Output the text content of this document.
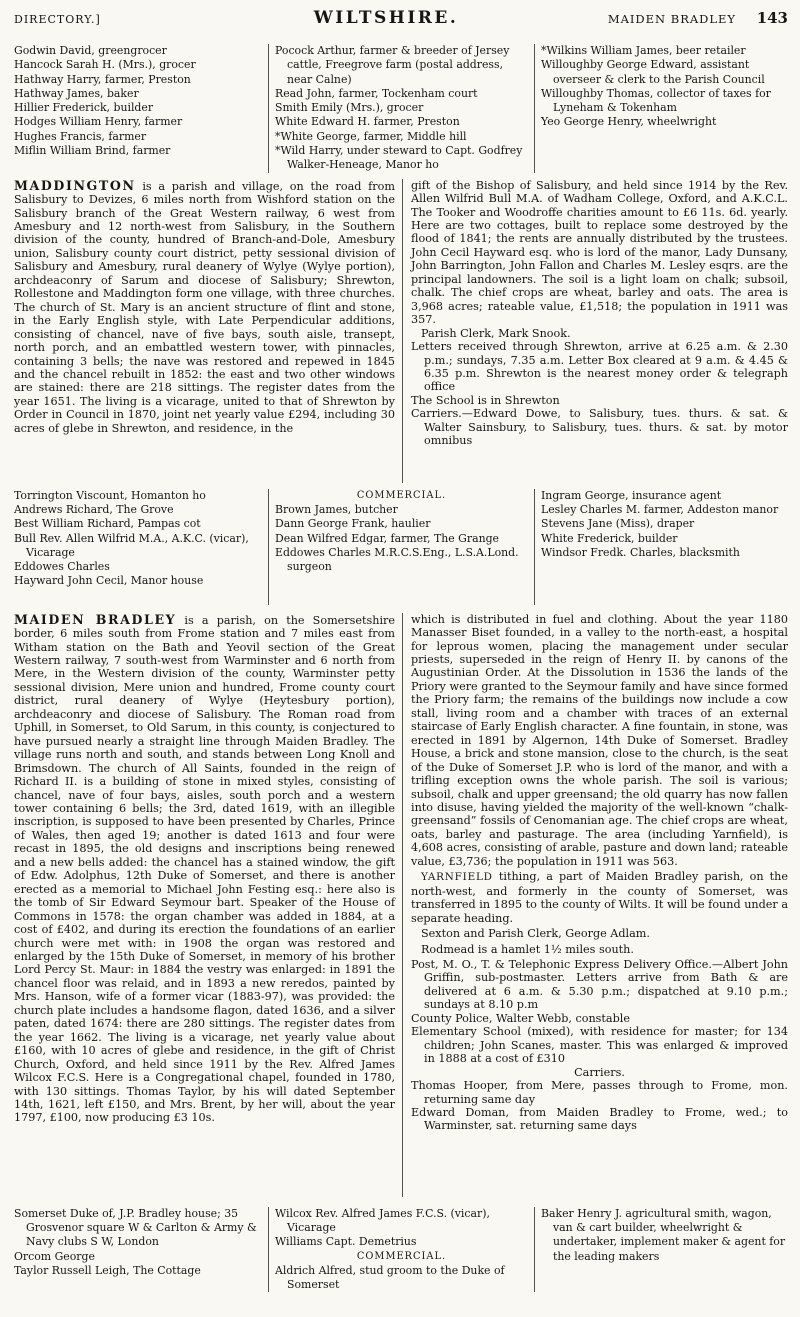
DIRECTORY.]	WILTSHIRE.	MAIDEN BRADLEY 143
Godwin David, greengrocer
Hancock Sarah H. (Mrs.), grocer
Hathway Harry, farmer, Preston
Hathway James, baker
Hillier Frederick, builder
Hodges William Henry, farmer
Hughes Francis, farmer
Miflin William Brind, farmer
Pocock Arthur, farmer & breeder of Jersey cattle, Freegrove farm (postal address, near Calne)
Read John, farmer, Tockenham court
Smith Emily (Mrs.), grocer
White Edward H. farmer, Preston
*White George, farmer, Middle hill
*Wild Harry, under steward to Capt. Godfrey Walker-Heneage, Manor ho
*Wilkins William James, beer retailer
Willoughby George Edward, assistant overseer & clerk to the Parish Council
Willoughby Thomas, collector of taxes for Lyneham & Tokenham
Yeo George Henry, wheelwright

MADDINGTON is a parish and village, on the road from Salisbury to Devizes, 6 miles north from Wishford station on the Salisbury branch of the Great Western railway, 6 west from Amesbury and 12 north-west from Salisbury, in the Southern division of the county, hundred of Branch-and-Dole, Amesbury union, Salisbury county court district, petty sessional division of Salisbury and Amesbury, rural deanery of Wylye (Wylye portion), archdeaconry of Sarum and diocese of Salisbury; Shrewton, Rollestone and Maddington form one village, with three churches. The church of St. Mary is an ancient structure of flint and stone, in the Early English style, with Late Perpendicular additions, consisting of chancel, nave of five bays, south aisle, transept, north porch, and an embattled western tower, with pinnacles, containing 3 bells; the nave was restored and repewed in 1845 and the chancel rebuilt in 1852: the east and two other windows are stained: there are 218 sittings. The register dates from the year 1651. The living is a vicarage, united to that of Shrewton by Order in Council in 1870, joint net yearly value £294, including 30 acres of glebe in Shrewton, and residence, in the

gift of the Bishop of Salisbury, and held since 1914 by the Rev. Allen Wilfrid Bull M.A. of Wadham College, Oxford, and A.K.C.L. The Tooker and Woodroffe charities amount to £6 11s. 6d. yearly. Here are two cottages, built to replace some destroyed by the flood of 1841; the rents are annually distributed by the trustees. John Cecil Hayward esq. who is lord of the manor, Lady Dunsany, John Barrington, John Fallon and Charles M. Lesley esqrs. are the principal landowners. The soil is a light loam on chalk; subsoil, chalk. The chief crops are wheat, barley and oats. The area is 3,968 acres; rateable value, £1,518; the population in 1911 was 357.

Parish Clerk, Mark Snook.
Letters received through Shrewton, arrive at 6.25 a.m. & 2.30 p.m.; sundays, 7.35 a.m. Letter Box cleared at 9 a.m. & 4.45 & 6.35 p.m. Shrewton is the nearest money order & telegraph office
The School is in Shrewton
Carriers.—Edward Dowe, to Salisbury, tues. thurs. & sat. & Walter Sainsbury, to Salisbury, tues. thurs. & sat. by motor omnibus
Torrington Viscount, Homanton ho
Andrews Richard, The Grove
Best William Richard, Pampas cot
Bull Rev. Allen Wilfrid M.A., A.K.C. (vicar), Vicarage
Eddowes Charles
Hayward John Cecil, Manor house
COMMERCIAL.
Brown James, butcher
Dann George Frank, haulier
Dean Wilfred Edgar, farmer, The Grange
Eddowes Charles M.R.C.S.Eng., L.S.A.Lond. surgeon
Ingram George, insurance agent
Lesley Charles M. farmer, Addeston manor
Stevens Jane (Miss), draper
White Frederick, builder
Windsor Fredk. Charles, blacksmith

MAIDEN BRADLEY is a parish, on the Somersetshire border, 6 miles south from Frome station and 7 miles east from Witham station on the Bath and Yeovil section of the Great Western railway, 7 south-west from Warminster and 6 north from Mere, in the Western division of the county, Warminster petty sessional division, Mere union and hundred, Frome county court district, rural deanery of Wylye (Heytesbury portion), archdeaconry and diocese of Salisbury. The Roman road from Uphill, in Somerset, to Old Sarum, in this county, is conjectured to have pursued nearly a straight line through Maiden Bradley. The village runs north and south, and stands between Long Knoll and Brimsdown. The church of All Saints, founded in the reign of Richard II. is a building of stone in mixed styles, consisting of chancel, nave of four bays, aisles, south porch and a western tower containing 6 bells; the 3rd, dated 1619, with an illegible inscription, is supposed to have been presented by Charles, Prince of Wales, then aged 19; another is dated 1613 and four were recast in 1895, the old designs and inscriptions being renewed and a new bells added: the chancel has a stained window, the gift of Edw. Adolphus, 12th Duke of Somerset, and there is another erected as a memorial to Michael John Festing esq.: here also is the tomb of Sir Edward Seymour bart. Speaker of the House of Commons in 1578: the organ chamber was added in 1884, at a cost of £402, and during its erection the foundations of an earlier church were met with: in 1908 the organ was restored and enlarged by the 15th Duke of Somerset, in memory of his brother Lord Percy St. Maur: in 1884 the vestry was enlarged: in 1891 the chancel floor was relaid, and in 1893 a new reredos, painted by Mrs. Hanson, wife of a former vicar (1883-97), was provided: the church plate includes a handsome flagon, dated 1636, and a silver paten, dated 1674: there are 280 sittings. The register dates from the year 1662. The living is a vicarage, net yearly value about £160, with 10 acres of glebe and residence, in the gift of Christ Church, Oxford, and held since 1911 by the Rev. Alfred James Wilcox F.C.S. Here is a Congregational chapel, founded in 1780, with 130 sittings. Thomas Taylor, by his will dated September 14th, 1621, left £150, and Mrs. Brent, by her will, about the year 1797, £100, now producing £3 10s.

which is distributed in fuel and clothing. About the year 1180 Manasser Biset founded, in a valley to the north-east, a hospital for leprous women, placing the management under secular priests, superseded in the reign of Henry II. by canons of the Augustinian Order. At the Dissolution in 1536 the lands of the Priory were granted to the Seymour family and have since formed the Priory farm; the remains of the buildings now include a cow stall, living room and a chamber with traces of an external staircase of Early English character. A fine fountain, in stone, was erected in 1891 by Algernon, 14th Duke of Somerset. Bradley House, a brick and stone mansion, close to the church, is the seat of the Duke of Somerset J.P. who is lord of the manor, and with a trifling exception owns the whole parish. The soil is various; subsoil, chalk and upper greensand; the old quarry has now fallen into disuse, having yielded the majority of the well-known “chalk-greensand” fossils of Cenomanian age. The chief crops are wheat, oats, barley and pasturage. The area (including Yarnfield), is 4,608 acres, consisting of arable, pasture and down land; rateable value, £3,736; the population in 1911 was 563.

YARNFIELD tithing, a part of Maiden Bradley parish, on the north-west, and formerly in the county of Somerset, was transferred in 1895 to the county of Wilts. It will be found under a separate heading.

Sexton and Parish Clerk, George Adlam.
Rodmead is a hamlet 1½ miles south.
Post, M. O., T. & Telephonic Express Delivery Office.—Albert John Griffin, sub-postmaster. Letters arrive from Bath & are delivered at 6 a.m. & 5.30 p.m.; dispatched at 9.10 p.m.; sundays at 8.10 p.m
County Police, Walter Webb, constable
Elementary School (mixed), with residence for master; for 134 children; John Scanes, master. This was enlarged & improved in 1888 at a cost of £310
Carriers.
Thomas Hooper, from Mere, passes through to Frome, mon. returning same day
Edward Doman, from Maiden Bradley to Frome, wed.; to Warminster, sat. returning same days
Somerset Duke of, J.P. Bradley house; 35 Grosvenor square W & Carlton & Army & Navy clubs S W, London
Orcom George
Taylor Russell Leigh, The Cottage
Wilcox Rev. Alfred James F.C.S. (vicar), Vicarage
Williams Capt. Demetrius
COMMERCIAL.
Aldrich Alfred, stud groom to the Duke of Somerset
Baker Henry J. agricultural smith, wagon, van & cart builder, wheelwright & undertaker, implement maker & agent for the leading makers
